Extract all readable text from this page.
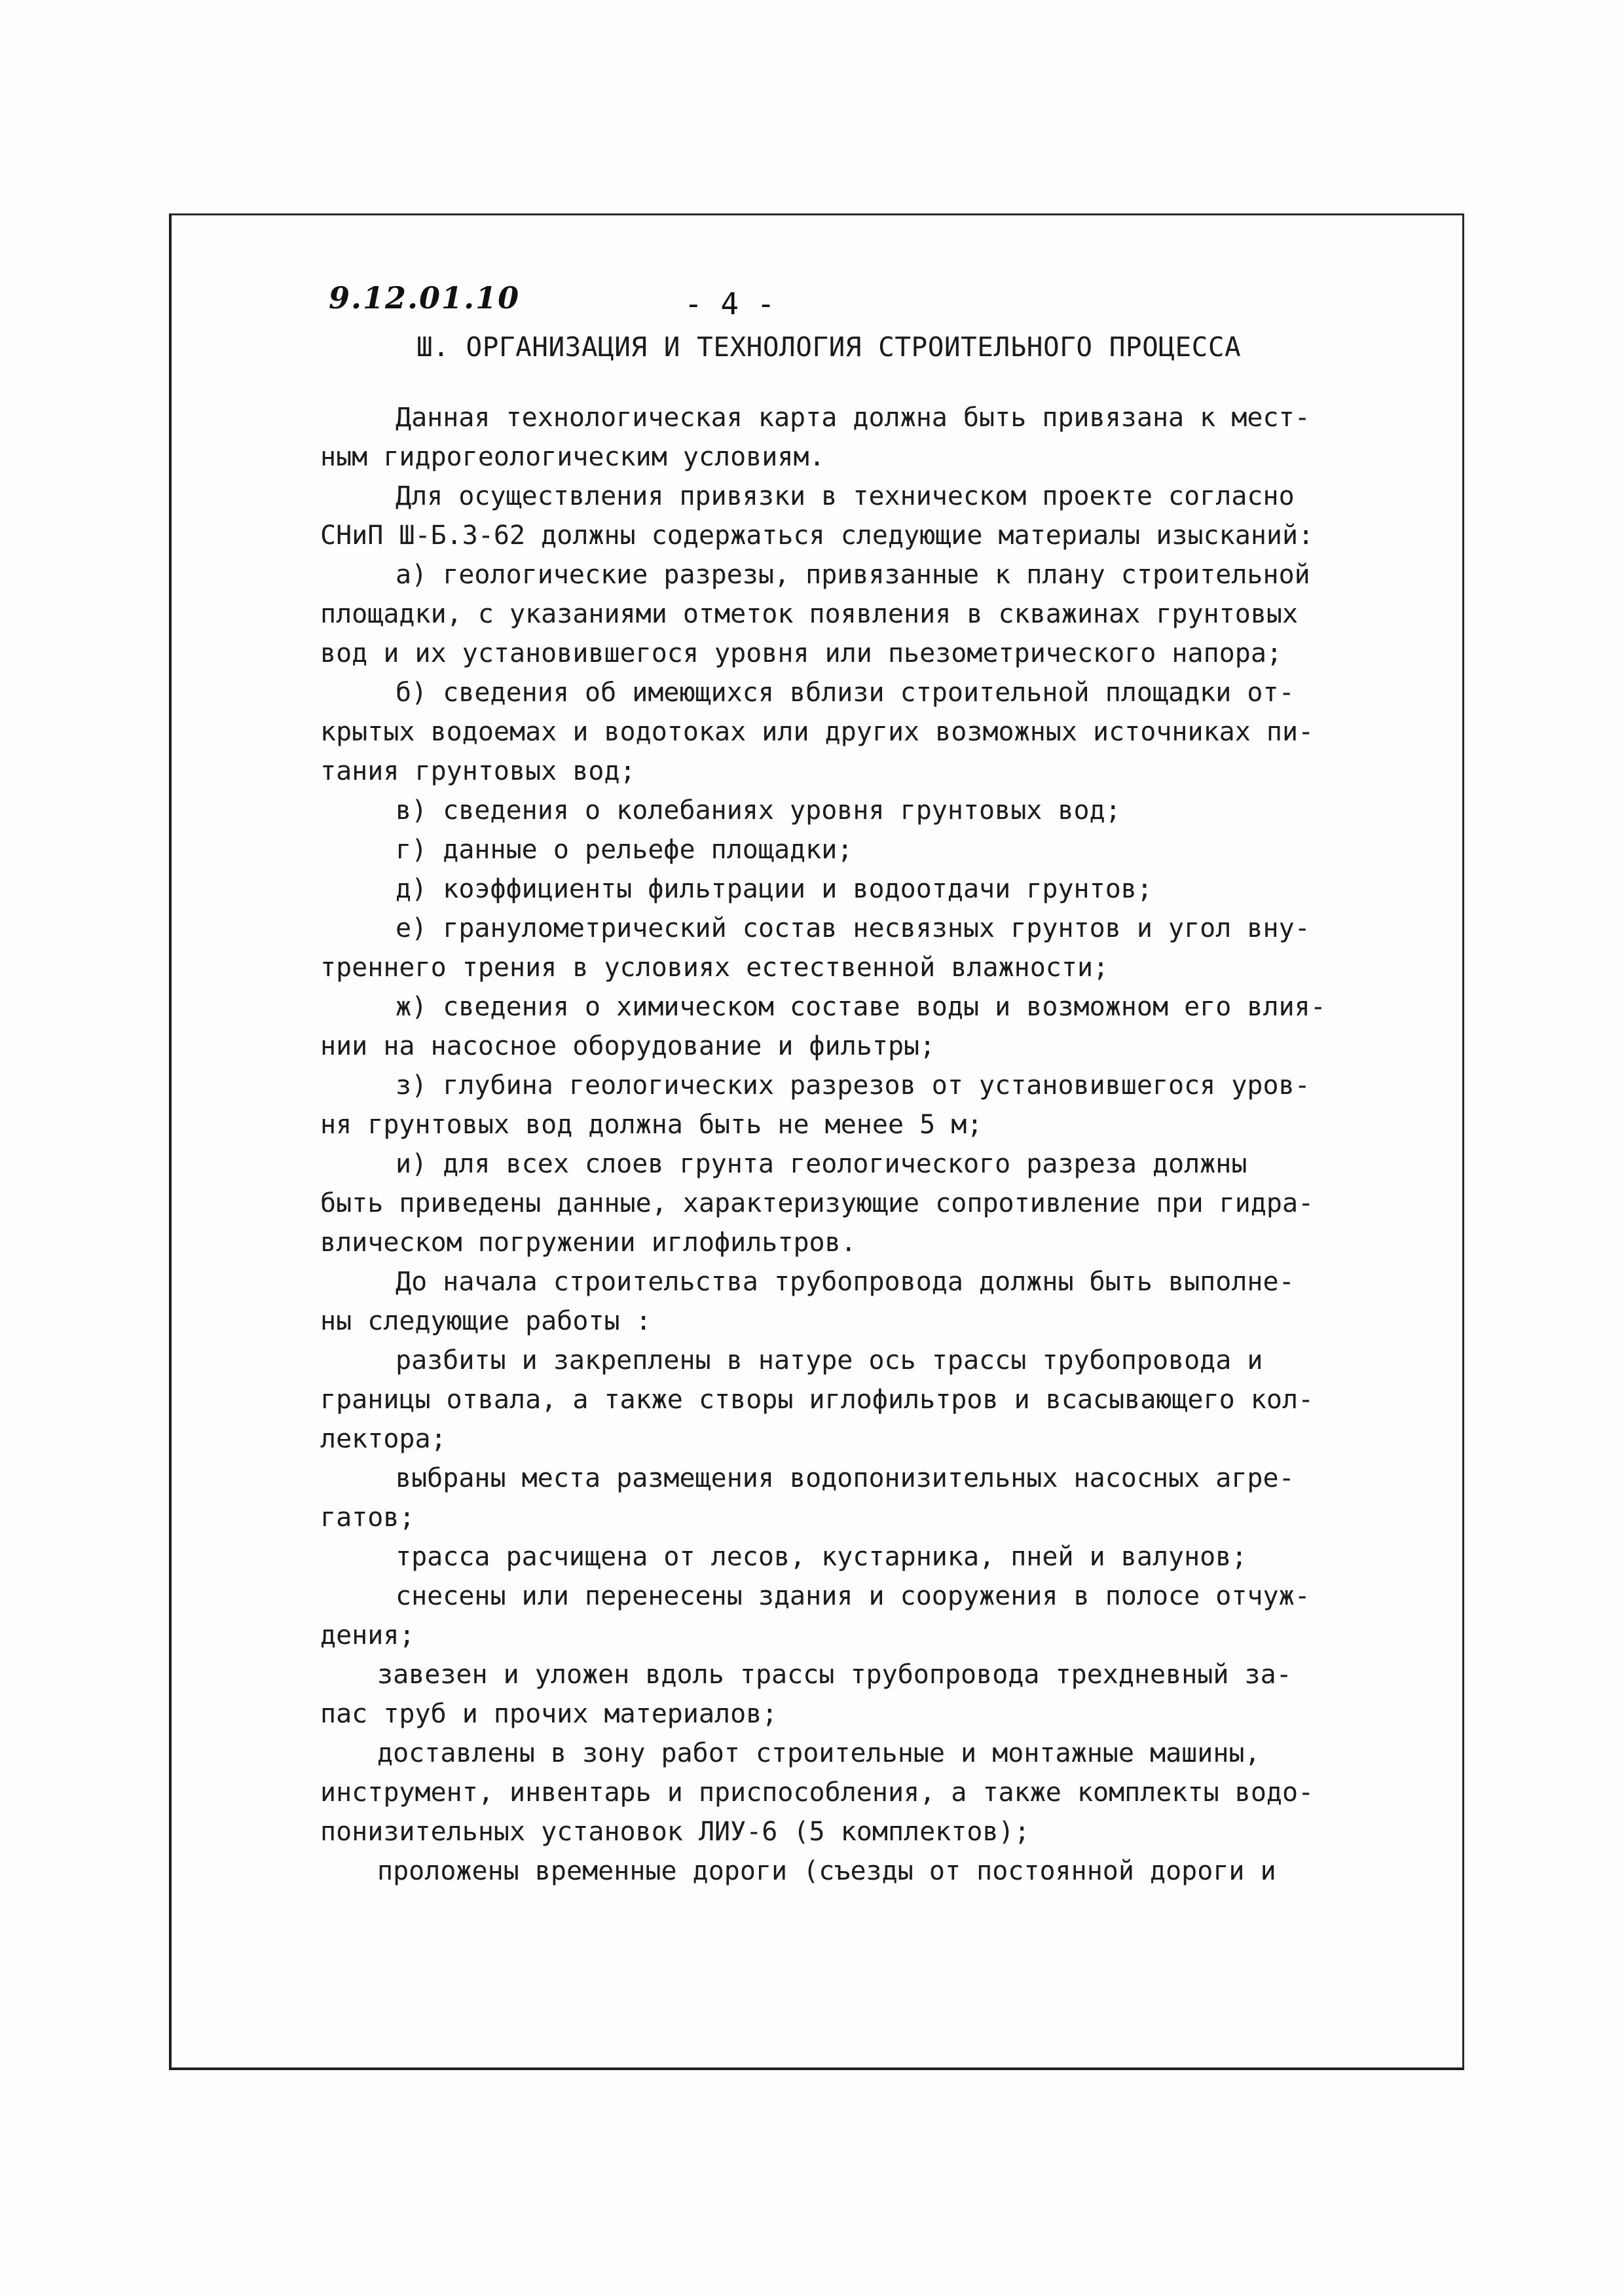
9.12.01.10	- 4 -
Ш. ОРГАНИЗАЦИЯ И ТЕХНОЛОГИЯ СТРОИТЕЛЬНОГО ПРОЦЕССА
Данная технологическая карта должна быть привязана к мест-
ным гидрогеологическим условиям.
Для осуществления привязки в техническом проекте согласно
СНиП Ш-Б.3-62 должны содержаться следующие материалы изысканий:
а) геологические разрезы, привязанные к плану строительной
площадки, с указаниями отметок появления в скважинах грунтовых
вод и их установившегося уровня или пьезометрического напора;
б) сведения об имеющихся вблизи строительной площадки от-
крытых водоемах и водотоках или других возможных источниках пи-
тания грунтовых вод;
в) сведения о колебаниях уровня грунтовых вод;
г) данные о рельефе площадки;
д) коэффициенты фильтрации и водоотдачи грунтов;
е) гранулометрический состав несвязных грунтов и угол вну-
треннего трения в условиях естественной влажности;
ж) сведения о химическом составе воды и возможном его влия-
нии на насосное оборудование и фильтры;
з) глубина геологических разрезов от установившегося уров-
ня грунтовых вод должна быть не менее 5 м;
и) для всех слоев грунта геологического разреза должны
быть приведены данные, характеризующие сопротивление при гидра-
влическом погружении иглофильтров.
До начала строительства трубопровода должны быть выполне-
ны следующие работы :
разбиты и закреплены в натуре ось трассы трубопровода и
границы отвала, а также створы иглофильтров и всасывающего кол-
лектора;
выбраны места размещения водопонизительных насосных агре-
гатов;
трасса расчищена от лесов, кустарника, пней и валунов;
снесены или перенесены здания и сооружения в полосе отчуж-
дения;
завезен и уложен вдоль трассы трубопровода трехдневный за-
пас труб и прочих материалов;
доставлены в зону работ строительные и монтажные машины,
инструмент, инвентарь и приспособления, а также комплекты водо-
понизительных установок ЛИУ-6 (5 комплектов);
проложены временные дороги (съезды от постоянной дороги и
